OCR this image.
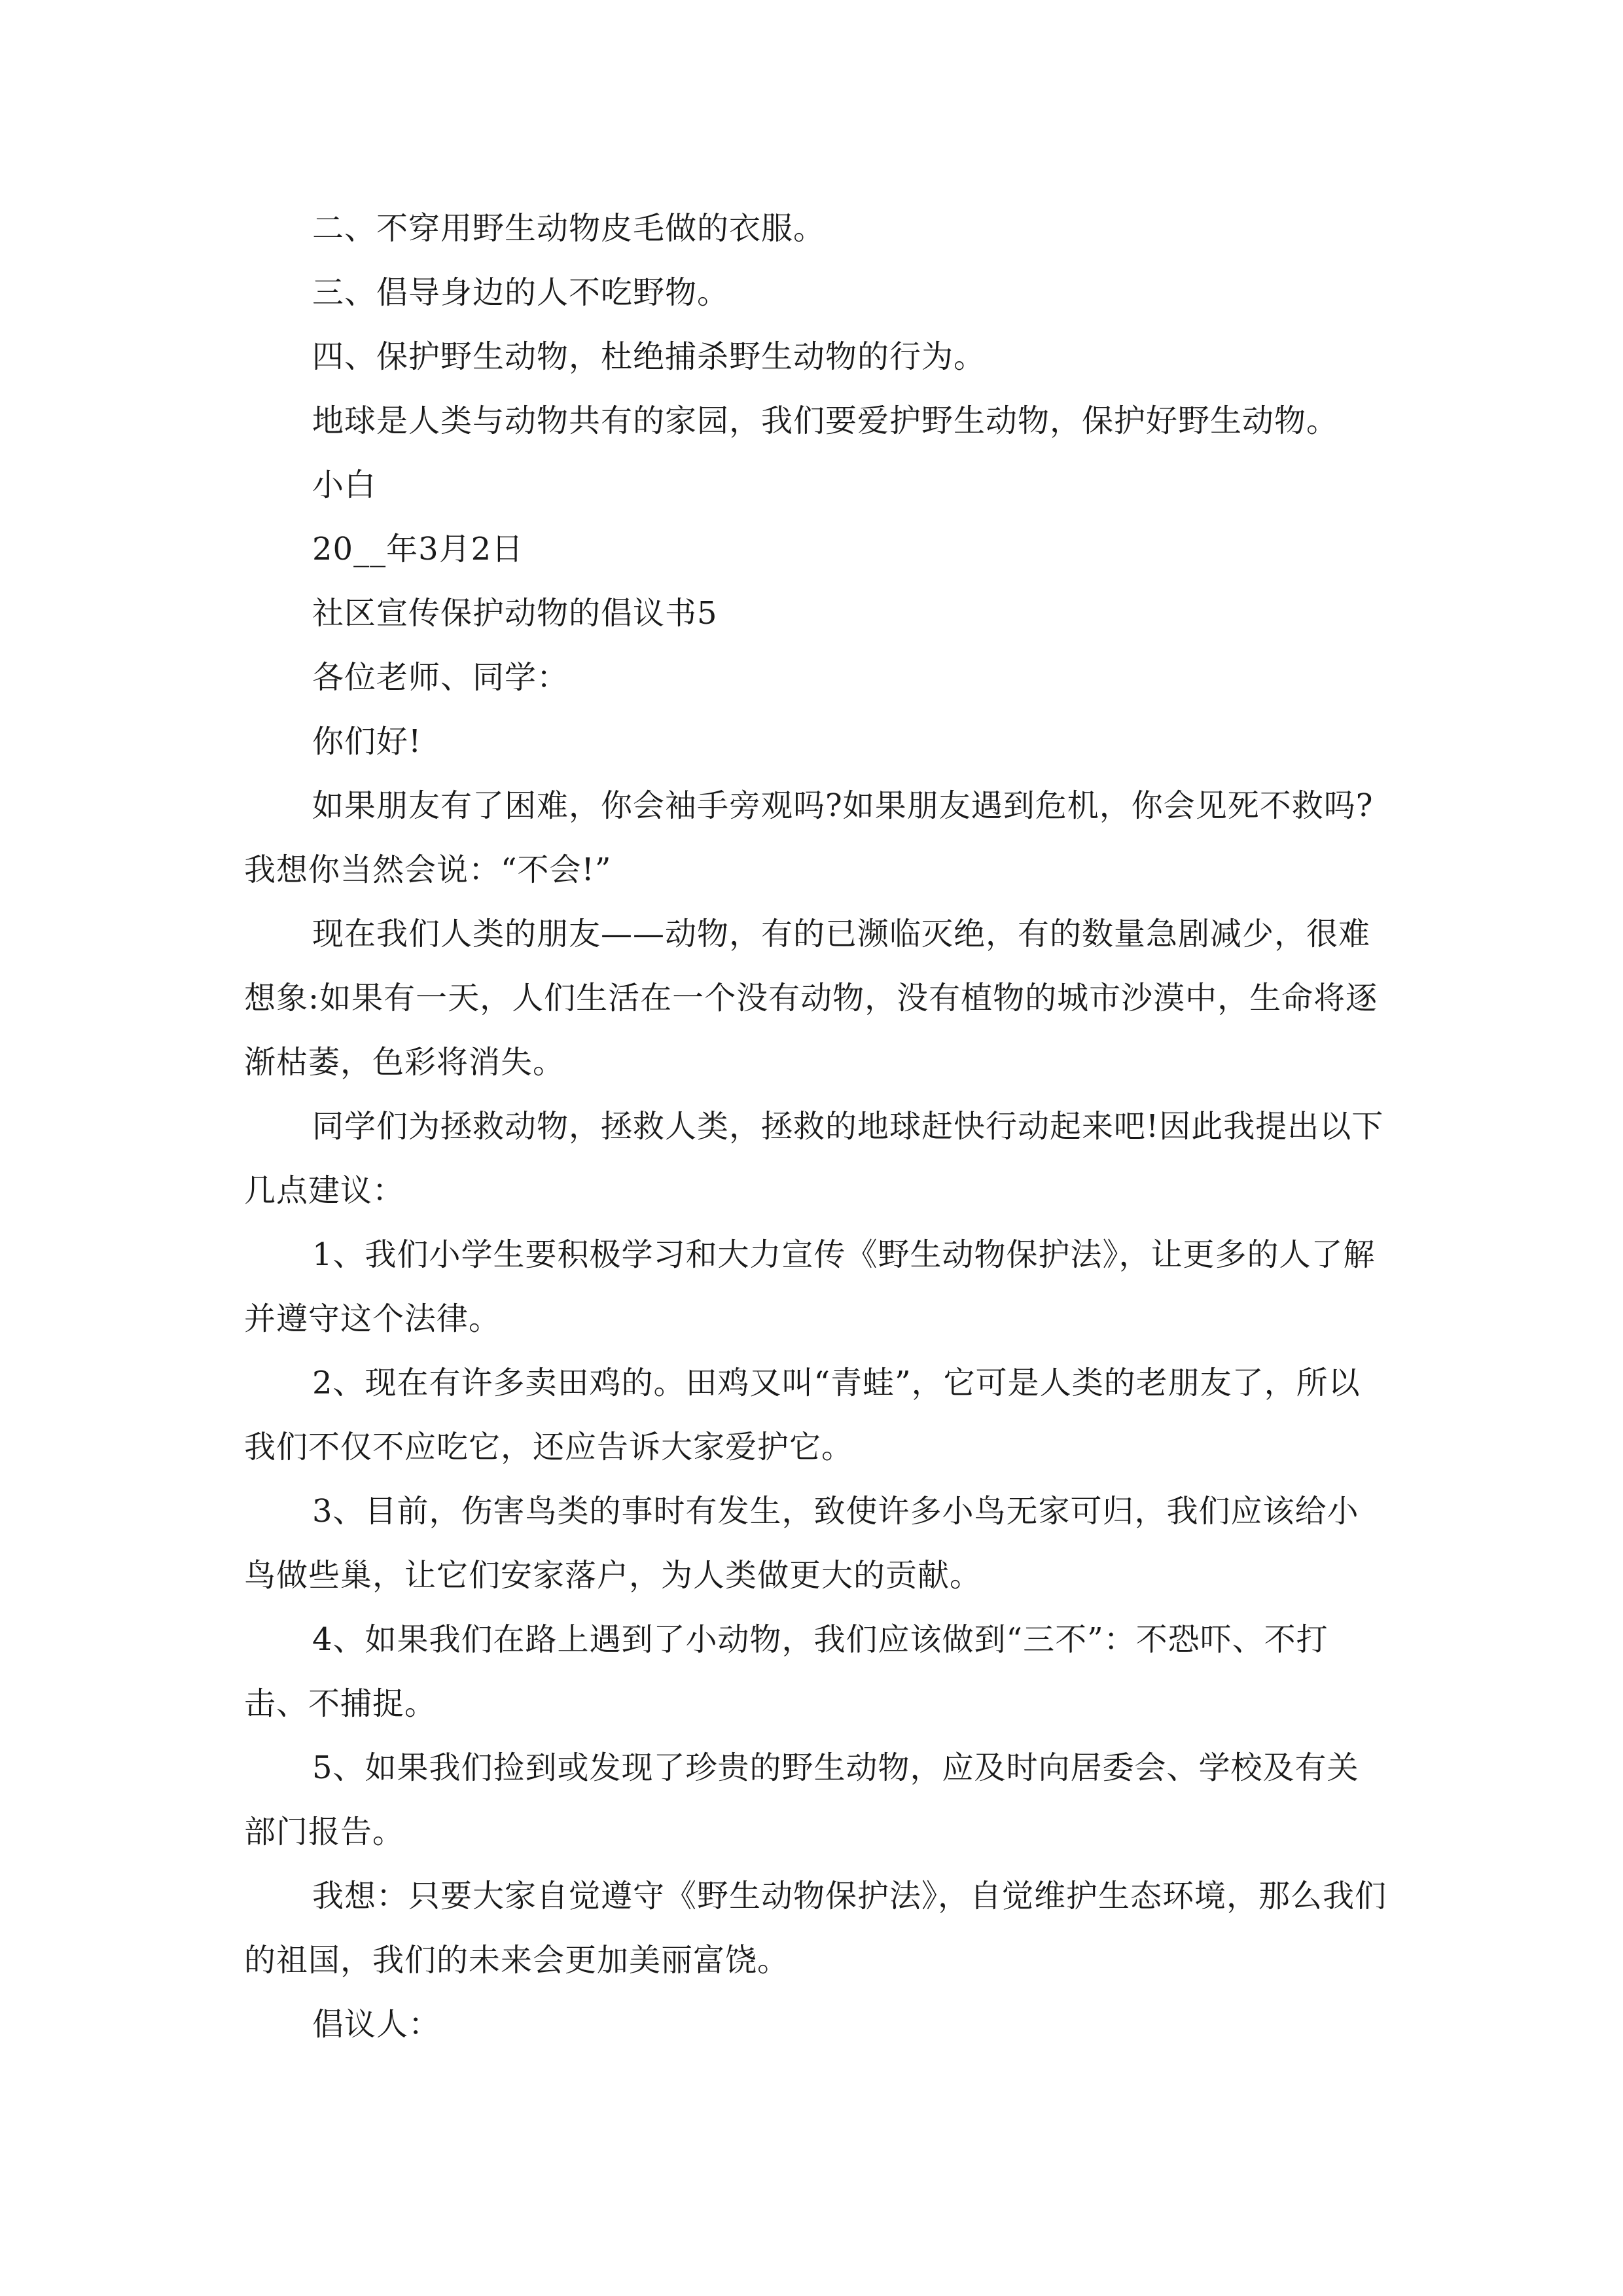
二、不穿用野生动物皮毛做的衣服。

三、倡导身边的人不吃野物。

四、保护野生动物，杜绝捕杀野生动物的行为。

地球是人类与动物共有的家园，我们要爱护野生动物，保护好野生动物。

小白

20__年3月2日

社区宣传保护动物的倡议书5

各位老师、同学：

你们好!

如果朋友有了困难，你会袖手旁观吗?如果朋友遇到危机，你会见死不救吗?我想你当然会说：“不会!”

现在我们人类的朋友——动物，有的已濒临灭绝，有的数量急剧减少，很难想象:如果有一天，人们生活在一个没有动物，没有植物的城市沙漠中，生命将逐渐枯萎，色彩将消失。

同学们为拯救动物，拯救人类，拯救的地球赶快行动起来吧!因此我提出以下几点建议：

1、我们小学生要积极学习和大力宣传《野生动物保护法》，让更多的人了解并遵守这个法律。

2、现在有许多卖田鸡的。田鸡又叫“青蛙”，它可是人类的老朋友了，所以我们不仅不应吃它，还应告诉大家爱护它。

3、目前，伤害鸟类的事时有发生，致使许多小鸟无家可归，我们应该给小鸟做些巢，让它们安家落户，为人类做更大的贡献。

4、如果我们在路上遇到了小动物，我们应该做到“三不”：不恐吓、不打击、不捕捉。

5、如果我们捡到或发现了珍贵的野生动物，应及时向居委会、学校及有关部门报告。

我想：只要大家自觉遵守《野生动物保护法》，自觉维护生态环境，那么我们的祖国，我们的未来会更加美丽富饶。

倡议人：
